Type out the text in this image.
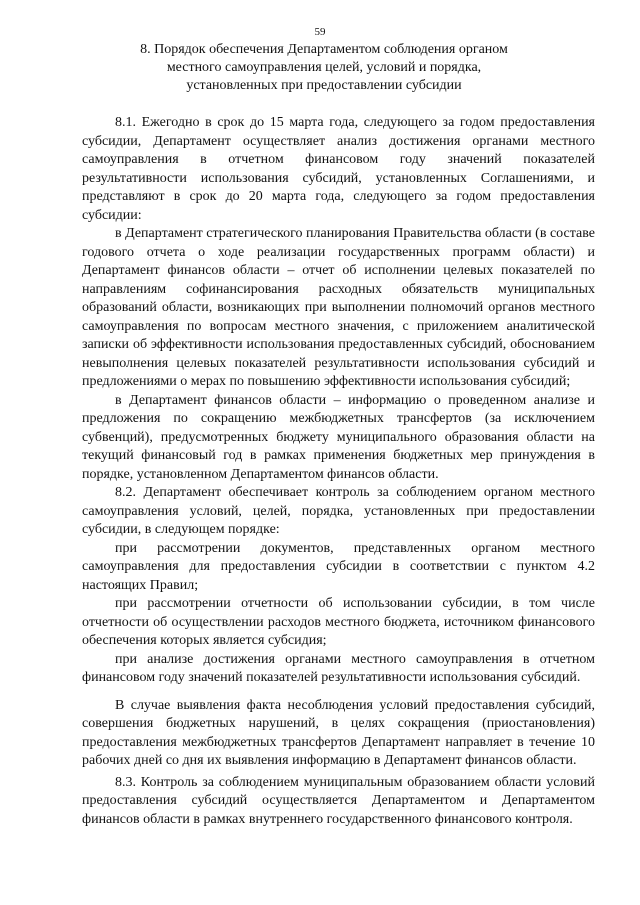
59
8. Порядок обеспечения Департаментом соблюдения органом
местного самоуправления целей, условий и порядка,
установленных при предоставлении субсидии

8.1. Ежегодно в срок до 15 марта года, следующего за годом предоставления субсидии, Департамент осуществляет анализ достижения органами местного самоуправления в отчетном финансовом году значений показателей результативности использования субсидий, установленных Соглашениями, и представляют в срок до 20 марта года, следующего за годом предоставления субсидии:

в Департамент стратегического планирования Правительства области (в составе годового отчета о ходе реализации государственных программ области) и Департамент финансов области – отчет об исполнении целевых показателей по направлениям софинансирования расходных обязательств муниципальных образований области, возникающих при выполнении полномочий органов местного самоуправления по вопросам местного значения, с приложением аналитической записки об эффективности использования предоставленных субсидий, обоснованием невыполнения целевых показателей результативности использования субсидий и предложениями о мерах по повышению эффективности использования субсидий;

в Департамент финансов области – информацию о проведенном анализе и предложения по сокращению межбюджетных трансфертов (за исключением субвенций), предусмотренных бюджету муниципального образования области на текущий финансовый год в рамках применения бюджетных мер принуждения в порядке, установленном Департаментом финансов области.

8.2. Департамент обеспечивает контроль за соблюдением органом местного самоуправления условий, целей, порядка, установленных при предоставлении субсидии, в следующем порядке:

при рассмотрении документов, представленных органом местного самоуправления для предоставления субсидии в соответствии с пунктом 4.2 настоящих Правил;

при рассмотрении отчетности об использовании субсидии, в том числе отчетности об осуществлении расходов местного бюджета, источником финансового обеспечения которых является субсидия;

при анализе достижения органами местного самоуправления в отчетном финансовом году значений показателей результативности использования субсидий.

В случае выявления факта несоблюдения условий предоставления субсидий, совершения бюджетных нарушений, в целях сокращения (приостановления) предоставления межбюджетных трансфертов Департамент направляет в течение 10 рабочих дней со дня их выявления информацию в Департамент финансов области.

8.3. Контроль за соблюдением муниципальным образованием области условий предоставления субсидий осуществляется Департаментом и Департаментом финансов области в рамках внутреннего государственного финансового контроля.
